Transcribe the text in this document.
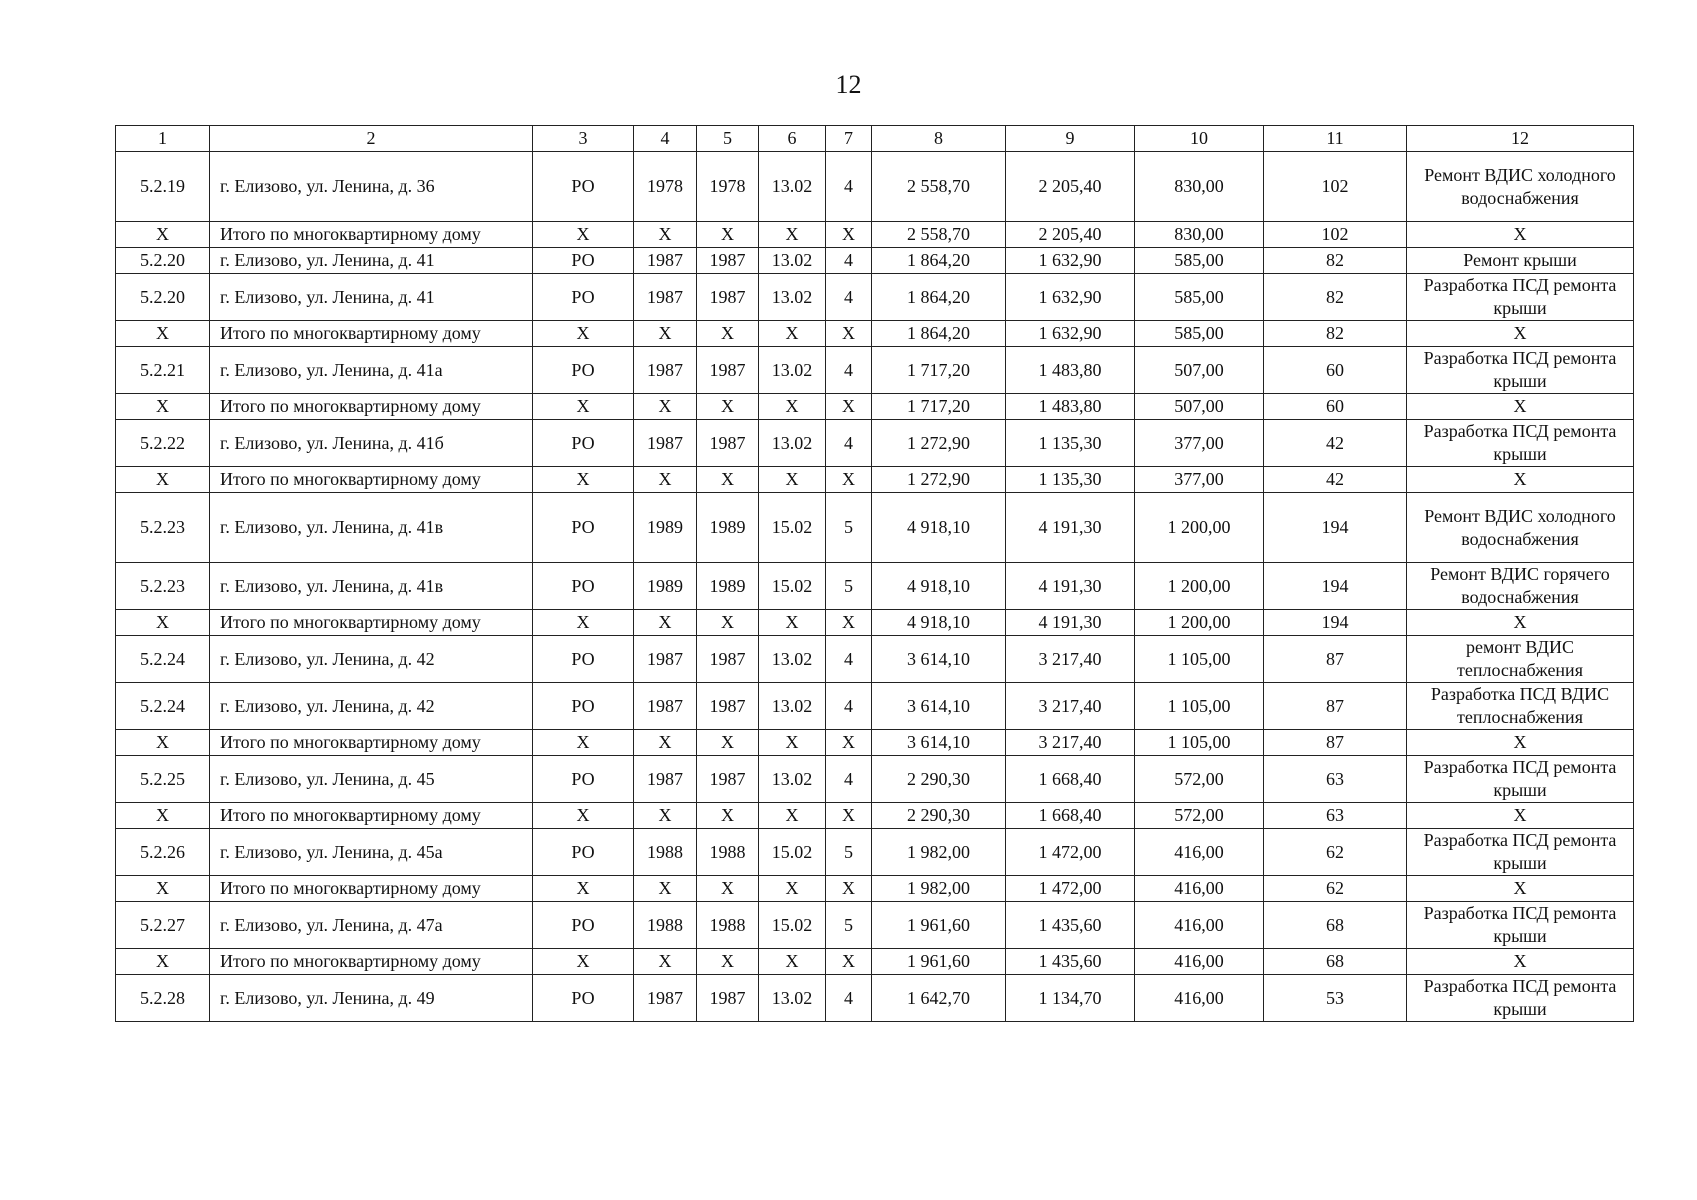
12
1	2	3	4	5	6	7	8	9	10	11	12
5.2.19	г. Елизово, ул. Ленина, д. 36	РО	1978	1978	13.02	4	2 558,70	2 205,40	830,00	102	Ремонт ВДИС холодного водоснабжения
Х	Итого по многоквартирному дому	Х	Х	Х	Х	Х	2 558,70	2 205,40	830,00	102	Х
5.2.20	г. Елизово, ул. Ленина, д. 41	РО	1987	1987	13.02	4	1 864,20	1 632,90	585,00	82	Ремонт крыши
5.2.20	г. Елизово, ул. Ленина, д. 41	РО	1987	1987	13.02	4	1 864,20	1 632,90	585,00	82	Разработка ПСД ремонта крыши
Х	Итого по многоквартирному дому	Х	Х	Х	Х	Х	1 864,20	1 632,90	585,00	82	Х
5.2.21	г. Елизово, ул. Ленина, д. 41а	РО	1987	1987	13.02	4	1 717,20	1 483,80	507,00	60	Разработка ПСД ремонта крыши
Х	Итого по многоквартирному дому	Х	Х	Х	Х	Х	1 717,20	1 483,80	507,00	60	Х
5.2.22	г. Елизово, ул. Ленина, д. 41б	РО	1987	1987	13.02	4	1 272,90	1 135,30	377,00	42	Разработка ПСД ремонта крыши
Х	Итого по многоквартирному дому	Х	Х	Х	Х	Х	1 272,90	1 135,30	377,00	42	Х
5.2.23	г. Елизово, ул. Ленина, д. 41в	РО	1989	1989	15.02	5	4 918,10	4 191,30	1 200,00	194	Ремонт ВДИС холодного водоснабжения
5.2.23	г. Елизово, ул. Ленина, д. 41в	РО	1989	1989	15.02	5	4 918,10	4 191,30	1 200,00	194	Ремонт ВДИС горячего водоснабжения
Х	Итого по многоквартирному дому	Х	Х	Х	Х	Х	4 918,10	4 191,30	1 200,00	194	Х
5.2.24	г. Елизово, ул. Ленина, д. 42	РО	1987	1987	13.02	4	3 614,10	3 217,40	1 105,00	87	ремонт ВДИС теплоснабжения
5.2.24	г. Елизово, ул. Ленина, д. 42	РО	1987	1987	13.02	4	3 614,10	3 217,40	1 105,00	87	Разработка ПСД ВДИС теплоснабжения
Х	Итого по многоквартирному дому	Х	Х	Х	Х	Х	3 614,10	3 217,40	1 105,00	87	Х
5.2.25	г. Елизово, ул. Ленина, д. 45	РО	1987	1987	13.02	4	2 290,30	1 668,40	572,00	63	Разработка ПСД ремонта крыши
Х	Итого по многоквартирному дому	Х	Х	Х	Х	Х	2 290,30	1 668,40	572,00	63	Х
5.2.26	г. Елизово, ул. Ленина, д. 45а	РО	1988	1988	15.02	5	1 982,00	1 472,00	416,00	62	Разработка ПСД ремонта крыши
Х	Итого по многоквартирному дому	Х	Х	Х	Х	Х	1 982,00	1 472,00	416,00	62	Х
5.2.27	г. Елизово, ул. Ленина, д. 47а	РО	1988	1988	15.02	5	1 961,60	1 435,60	416,00	68	Разработка ПСД ремонта крыши
Х	Итого по многоквартирному дому	Х	Х	Х	Х	Х	1 961,60	1 435,60	416,00	68	Х
5.2.28	г. Елизово, ул. Ленина, д. 49	РО	1987	1987	13.02	4	1 642,70	1 134,70	416,00	53	Разработка ПСД ремонта крыши
